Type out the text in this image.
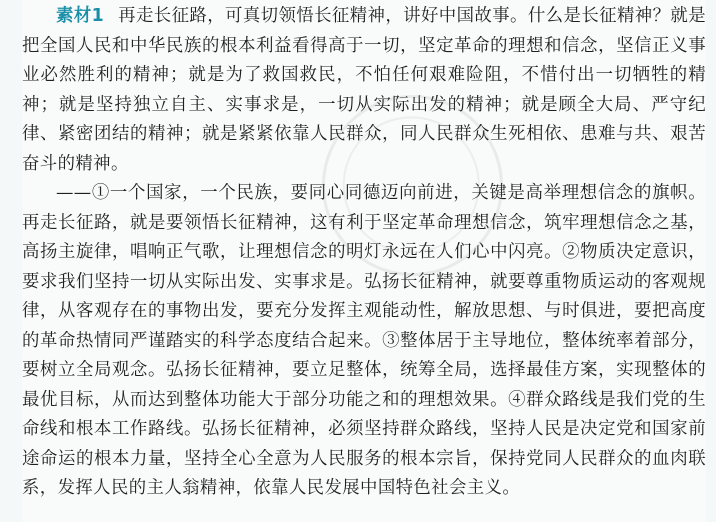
素材1 再走长征路，可真切领悟长征精神，讲好中国故事。什么是长征精神？就是把全国人民和中华民族的根本利益看得高于一切，坚定革命的理想和信念，坚信正义事业必然胜利的精神；就是为了救国救民，不怕任何艰难险阻，不惜付出一切牺牲的精神；就是坚持独立自主、实事求是，一切从实际出发的精神；就是顾全大局、严守纪律、紧密团结的精神；就是紧紧依靠人民群众，同人民群众生死相依、患难与共、艰苦奋斗的精神。

——①一个国家，一个民族，要同心同德迈向前进，关键是高举理想信念的旗帜。再走长征路，就是要领悟长征精神，这有利于坚定革命理想信念，筑牢理想信念之基，高扬主旋律，唱响正气歌，让理想信念的明灯永远在人们心中闪亮。②物质决定意识，要求我们坚持一切从实际出发、实事求是。弘扬长征精神，就要尊重物质运动的客观规律，从客观存在的事物出发，要充分发挥主观能动性，解放思想、与时俱进，要把高度的革命热情同严谨踏实的科学态度结合起来。③整体居于主导地位，整体统率着部分，要树立全局观念。弘扬长征精神，要立足整体，统筹全局，选择最佳方案，实现整体的最优目标，从而达到整体功能大于部分功能之和的理想效果。④群众路线是我们党的生命线和根本工作路线。弘扬长征精神，必须坚持群众路线，坚持人民是决定党和国家前途命运的根本力量，坚持全心全意为人民服务的根本宗旨，保持党同人民群众的血肉联系，发挥人民的主人翁精神，依靠人民发展中国特色社会主义。
